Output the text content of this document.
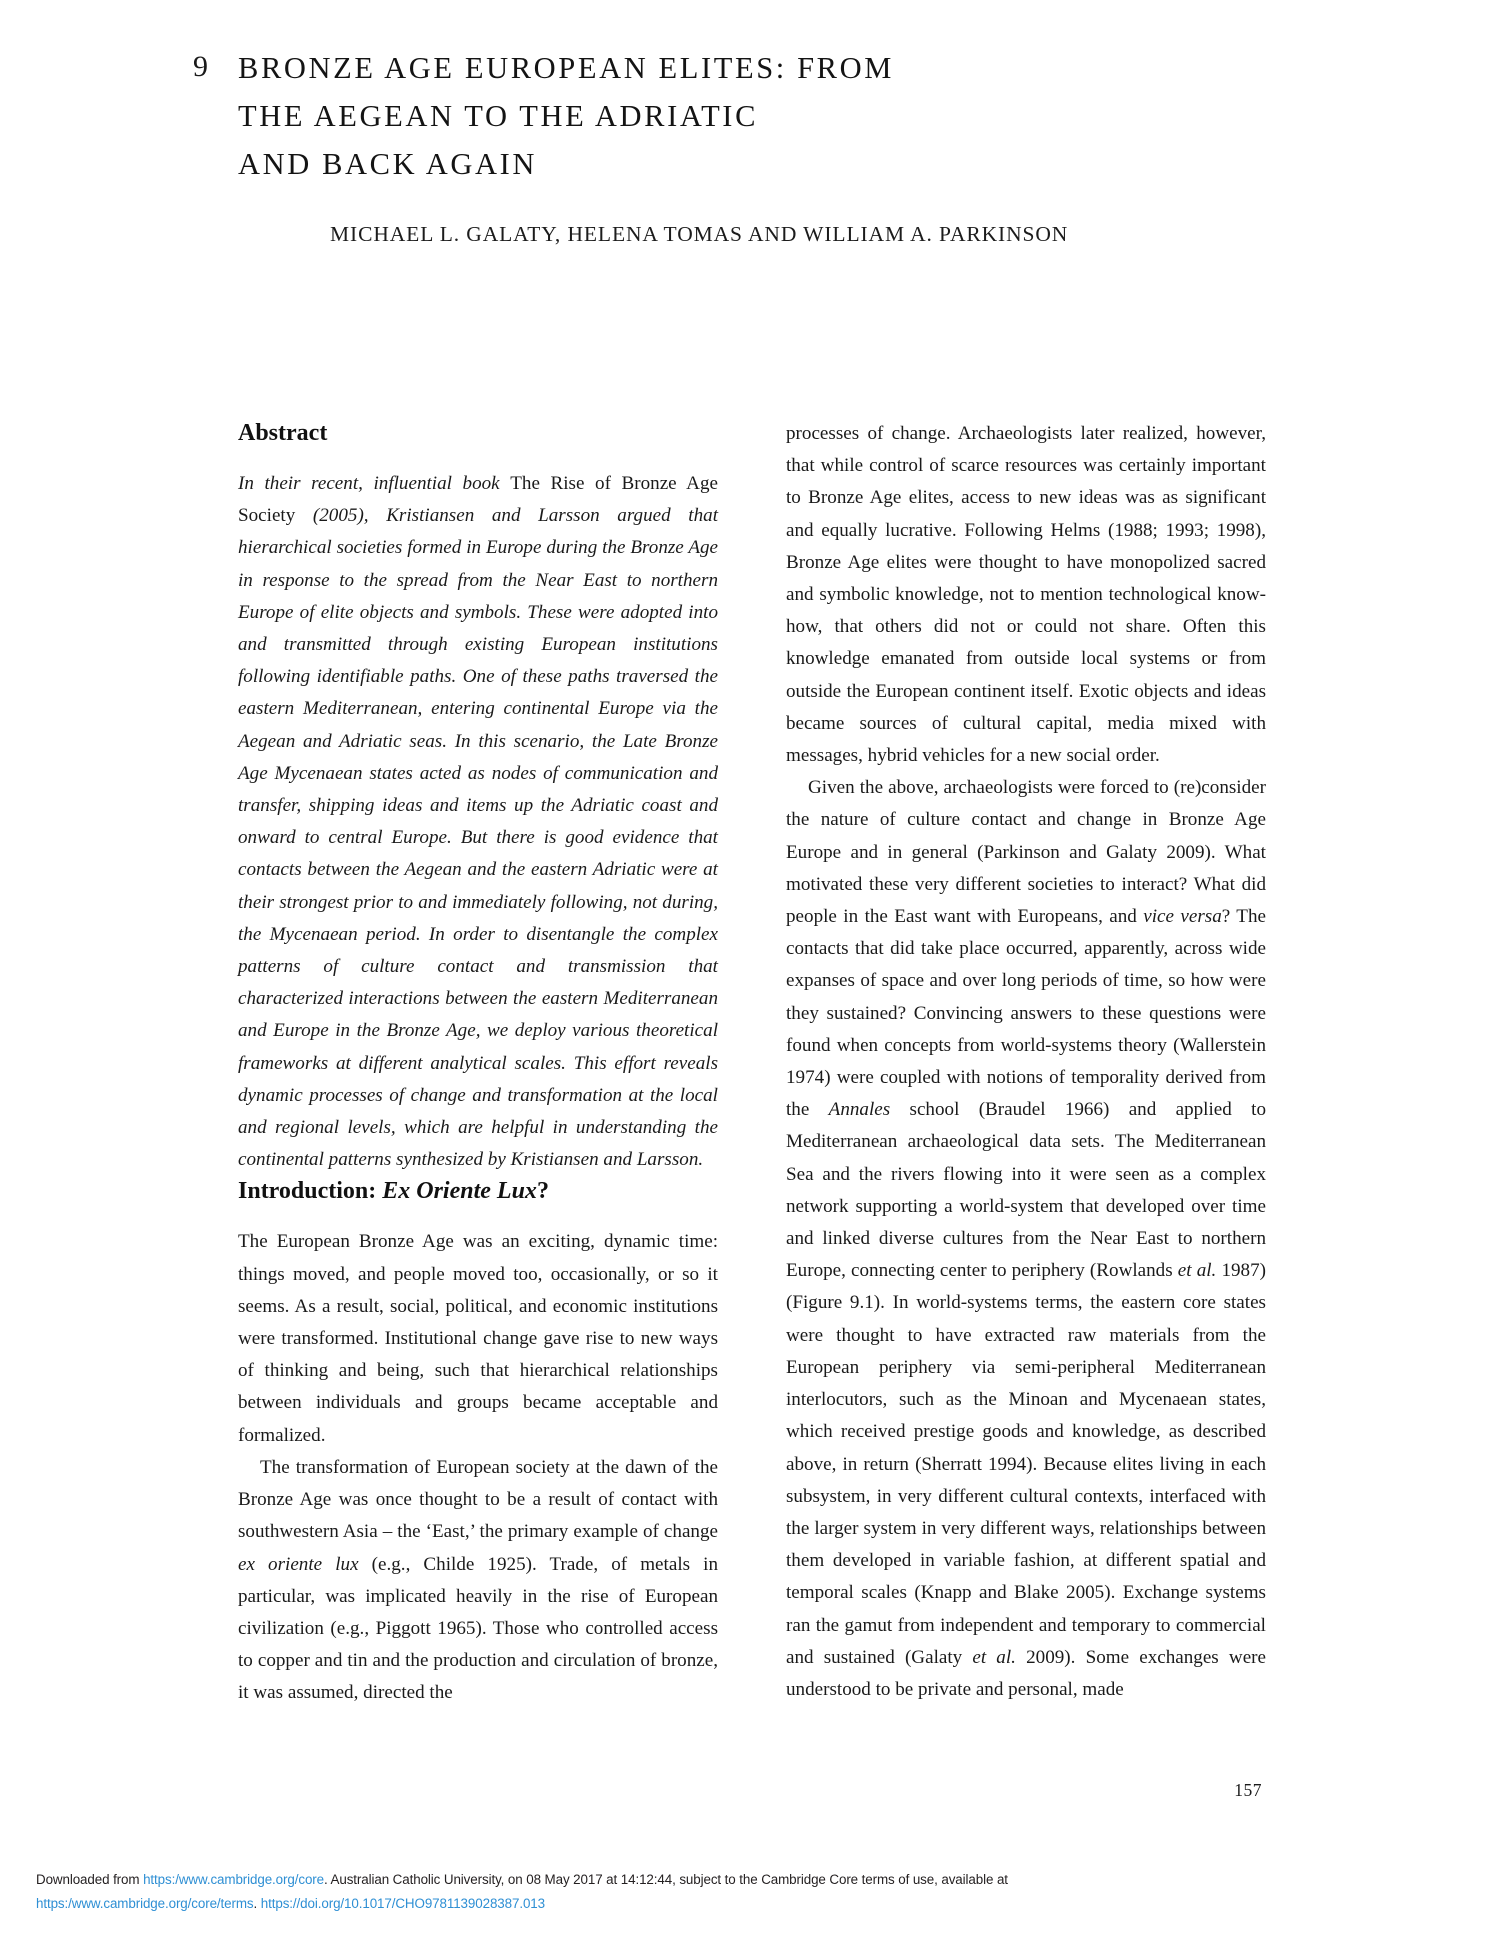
9 BRONZE AGE EUROPEAN ELITES: FROM
THE AEGEAN TO THE ADRIATIC
AND BACK AGAIN
MICHAEL L. GALATY, HELENA TOMAS AND WILLIAM A. PARKINSON
Abstract

In their recent, influential book The Rise of Bronze Age Society (2005), Kristiansen and Larsson argued that hierarchical societies formed in Europe during the Bronze Age in response to the spread from the Near East to northern Europe of elite objects and symbols. These were adopted into and transmitted through existing European institutions following identifiable paths. One of these paths traversed the eastern Mediterranean, entering continental Europe via the Aegean and Adriatic seas. In this scenario, the Late Bronze Age Mycenaean states acted as nodes of communication and transfer, shipping ideas and items up the Adriatic coast and onward to central Europe. But there is good evidence that contacts between the Aegean and the eastern Adriatic were at their strongest prior to and immediately following, not during, the Mycenaean period. In order to disentangle the complex patterns of culture contact and transmission that characterized interactions between the eastern Mediterranean and Europe in the Bronze Age, we deploy various theoretical frameworks at different analytical scales. This effort reveals dynamic processes of change and transformation at the local and regional levels, which are helpful in understanding the continental patterns synthesized by Kristiansen and Larsson.

Introduction: Ex Oriente Lux?

The European Bronze Age was an exciting, dynamic time: things moved, and people moved too, occasionally, or so it seems. As a result, social, political, and economic institutions were transformed. Institutional change gave rise to new ways of thinking and being, such that hierarchical relationships between individuals and groups became acceptable and formalized.

The transformation of European society at the dawn of the Bronze Age was once thought to be a result of contact with southwestern Asia – the ‘East,’ the primary example of change ex oriente lux (e.g., Childe 1925). Trade, of metals in particular, was implicated heavily in the rise of European civilization (e.g., Piggott 1965). Those who controlled access to copper and tin and the production and circulation of bronze, it was assumed, directed the

processes of change. Archaeologists later realized, however, that while control of scarce resources was certainly important to Bronze Age elites, access to new ideas was as significant and equally lucrative. Following Helms (1988; 1993; 1998), Bronze Age elites were thought to have monopolized sacred and symbolic knowledge, not to mention technological know-how, that others did not or could not share. Often this knowledge emanated from outside local systems or from outside the European continent itself. Exotic objects and ideas became sources of cultural capital, media mixed with messages, hybrid vehicles for a new social order.

Given the above, archaeologists were forced to (re)consider the nature of culture contact and change in Bronze Age Europe and in general (Parkinson and Galaty 2009). What motivated these very different societies to interact? What did people in the East want with Europeans, and vice versa? The contacts that did take place occurred, apparently, across wide expanses of space and over long periods of time, so how were they sustained? Convincing answers to these questions were found when concepts from world-systems theory (Wallerstein 1974) were coupled with notions of temporality derived from the Annales school (Braudel 1966) and applied to Mediterranean archaeological data sets. The Mediterranean Sea and the rivers flowing into it were seen as a complex network supporting a world-system that developed over time and linked diverse cultures from the Near East to northern Europe, connecting center to periphery (Rowlands et al. 1987) (Figure 9.1). In world-systems terms, the eastern core states were thought to have extracted raw materials from the European periphery via semi-peripheral Mediterranean interlocutors, such as the Minoan and Mycenaean states, which received prestige goods and knowledge, as described above, in return (Sherratt 1994). Because elites living in each subsystem, in very different cultural contexts, interfaced with the larger system in very different ways, relationships between them developed in variable fashion, at different spatial and temporal scales (Knapp and Blake 2005). Exchange systems ran the gamut from independent and temporary to commercial and sustained (Galaty et al. 2009). Some exchanges were understood to be private and personal, made

157
Downloaded from https:/www.cambridge.org/core. Australian Catholic University, on 08 May 2017 at 14:12:44, subject to the Cambridge Core terms of use, available at
https:/www.cambridge.org/core/terms. https://doi.org/10.1017/CHO9781139028387.013
